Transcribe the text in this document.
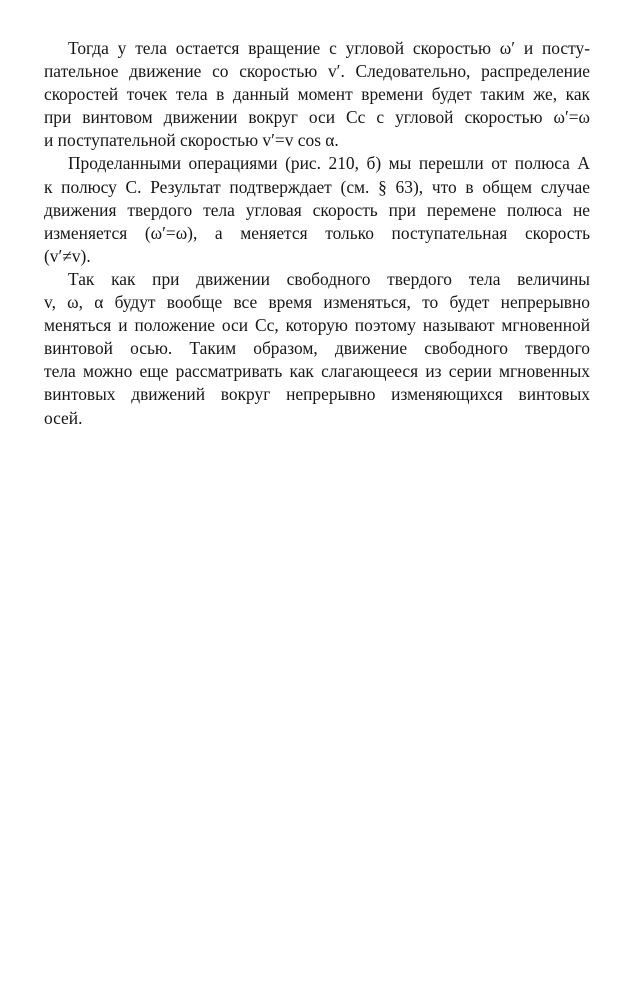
Тогда у тела остается вращение с угловой скоростью ω′ и посту-
пательное движение со скоростью v′. Следовательно, распределение
скоростей точек тела в данный момент времени будет таким же, как
при винтовом движении вокруг оси Cc с угловой скоростью ω′=ω
и поступательной скоростью v′=v cos α.
Проделанными операциями (рис. 210, б) мы перешли от полюса A
к полюсу C. Результат подтверждает (см. § 63), что в общем случае
движения твердого тела угловая скорость при перемене полюса не
изменяется (ω′=ω), а меняется только поступательная скорость
(v′≠v).
Так как при движении свободного твердого тела величины
v, ω, α будут вообще все время изменяться, то будет непрерывно
меняться и положение оси Cc, которую поэтому называют мгновенной
винтовой осью. Таким образом, движение свободного твердого
тела можно еще рассматривать как слагающееся из серии мгновенных
винтовых движений вокруг непрерывно изменяющихся винтовых
осей.
